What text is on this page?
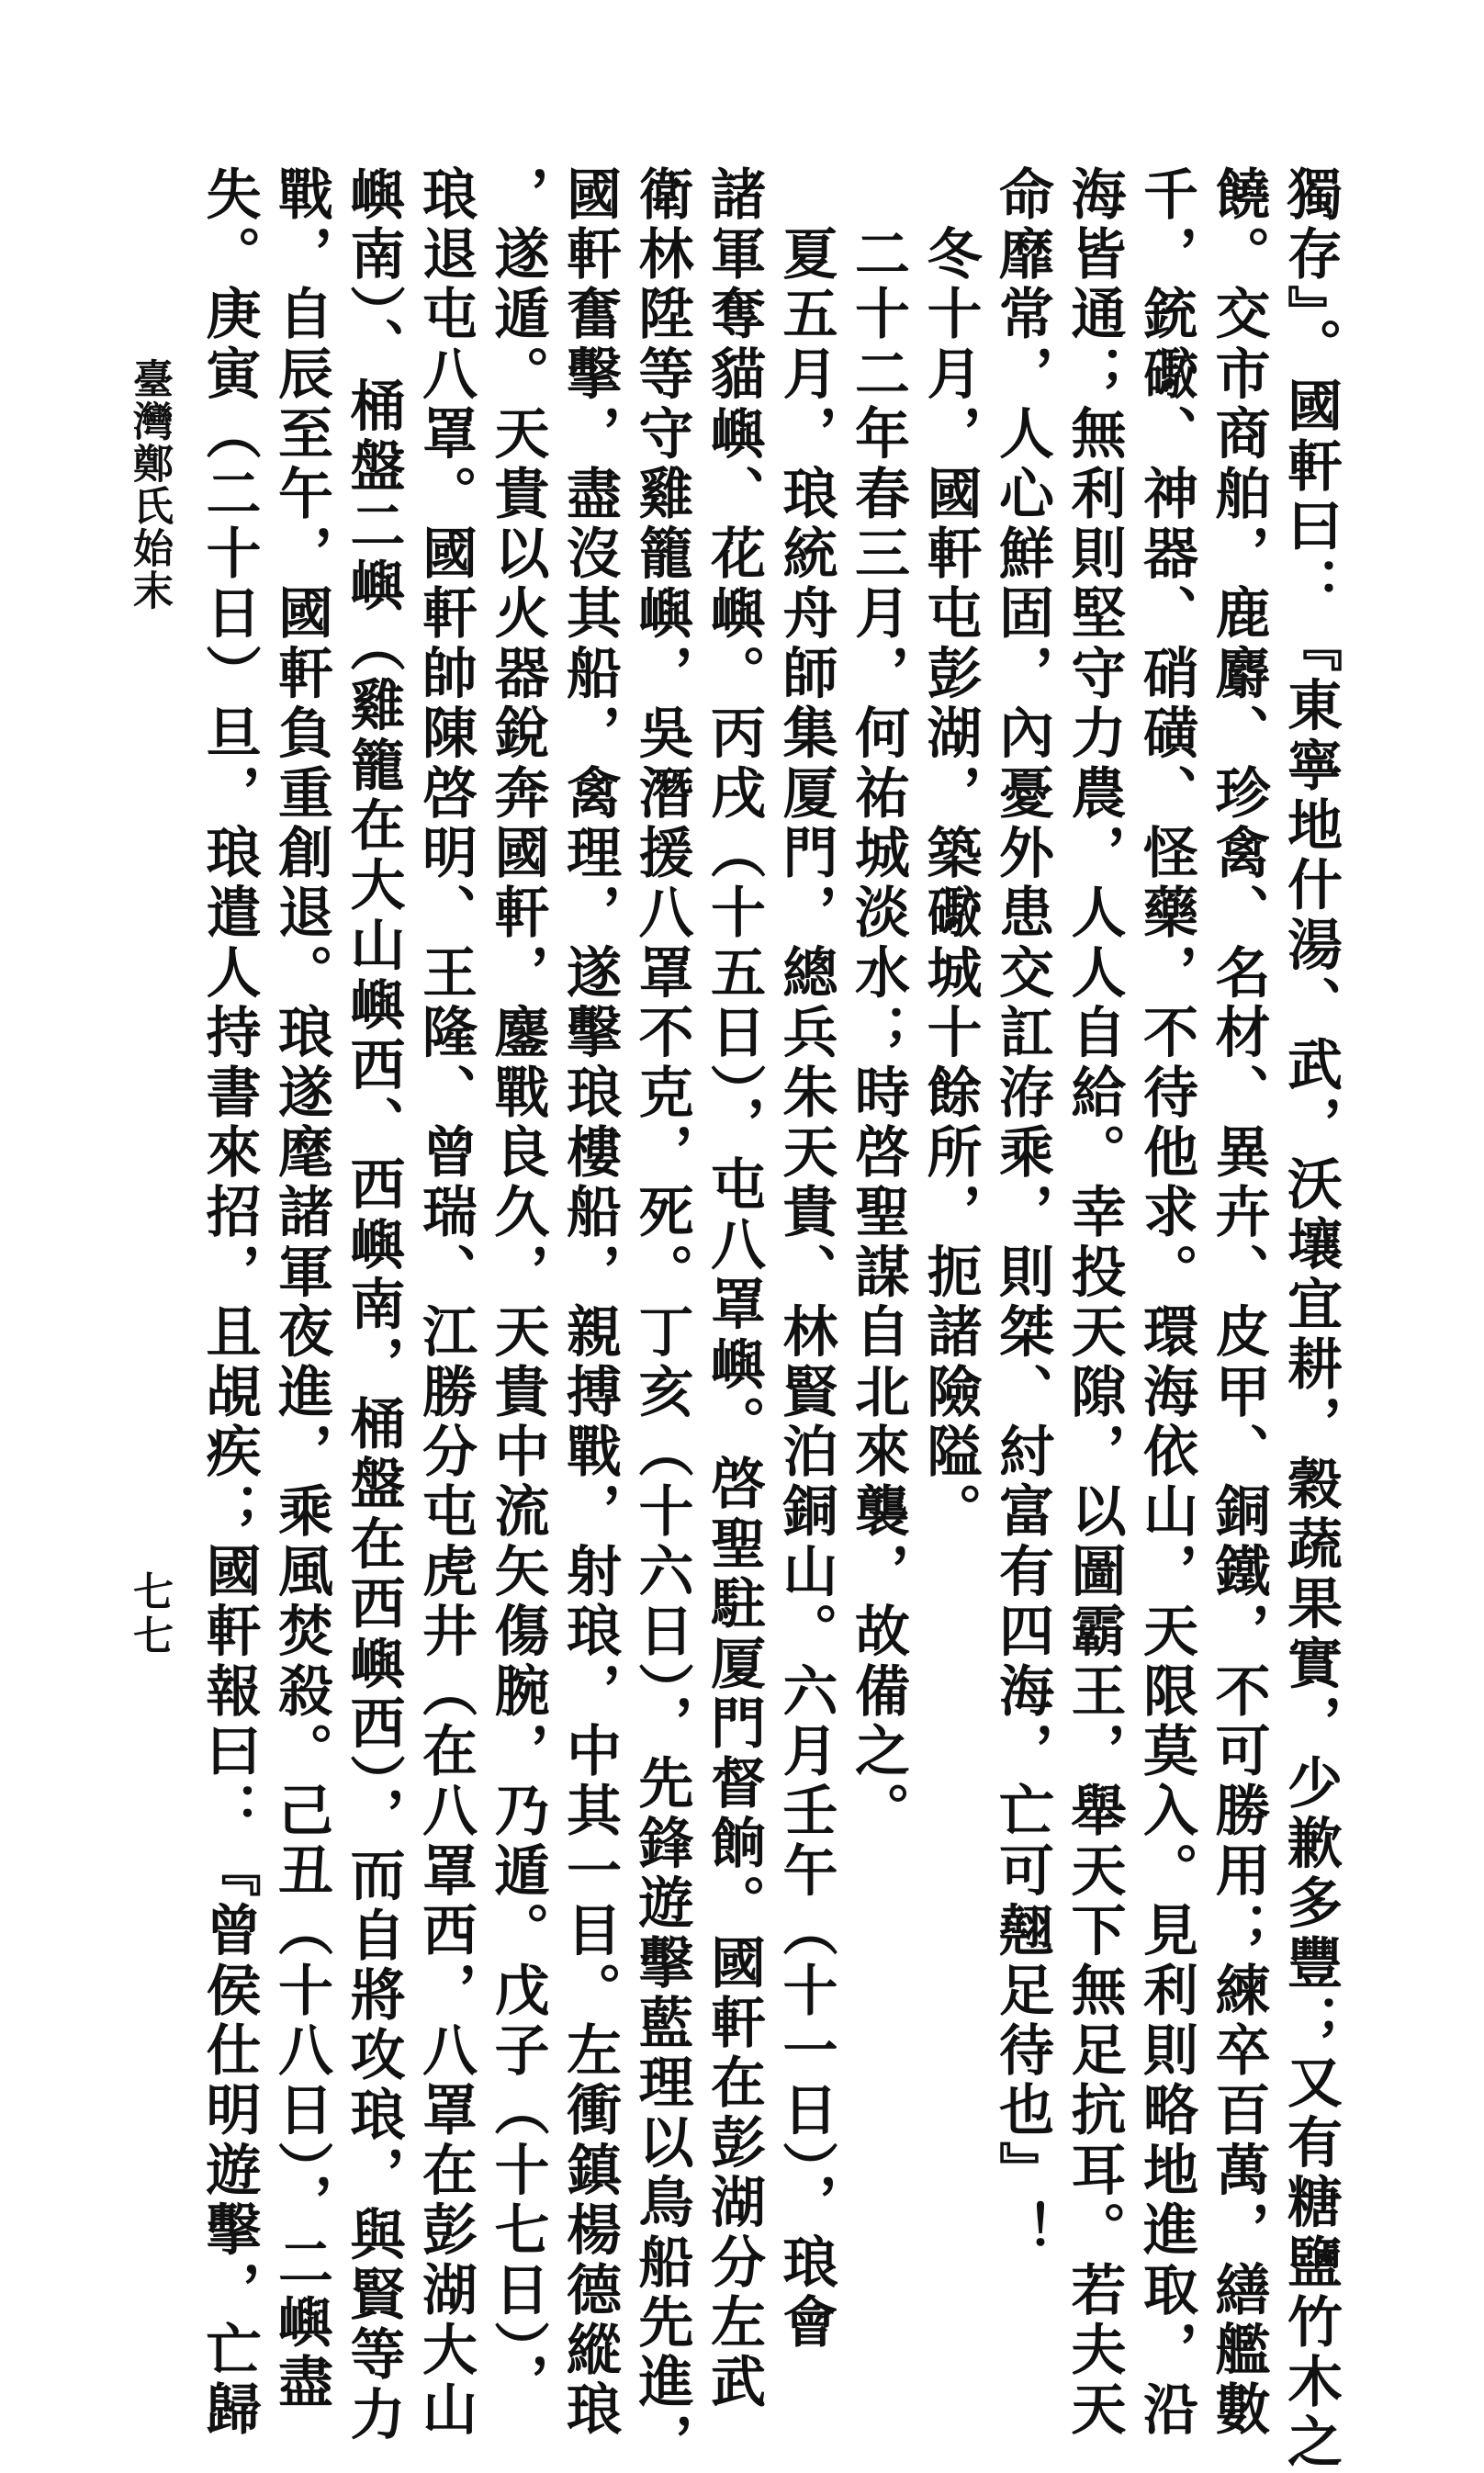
獨存』。國軒曰：『東寧地什湯、武，沃壤宜耕，穀蔬果實，少歉多豐；又有糖鹽竹木之
饒。交市商舶，鹿麝、珍禽、名材、異卉、皮甲、銅鐵，不可勝用；練卒百萬，繕艦數
千，銃礮、神器、硝磺、怪藥，不待他求。環海依山，天限莫入。見利則略地進取，沿
海皆通；無利則堅守力農，人人自給。幸投天隙，以圖霸王，舉天下無足抗耳。若夫天
命靡常，人心鮮固，內憂外患交訌洊乘，則桀、紂富有四海，亡可翹足待也』！
　冬十月，國軒屯彭湖，築礮城十餘所，扼諸險隘。
　二十二年春三月，何祐城淡水；時啓聖謀自北來襲，故備之。
　夏五月，琅統舟師集厦門，總兵朱天貴、林賢泊銅山。六月壬午（十一日），琅會
諸軍奪貓嶼、花嶼。丙戌（十五日），屯八罩嶼。啓聖駐厦門督餉。國軒在彭湖分左武
衛林陞等守雞籠嶼，吳潛援八罩不克，死。丁亥（十六日），先鋒遊擊藍理以鳥船先進，
國軒奮擊，盡沒其船，禽理，遂擊琅樓船，親搏戰，射琅，中其一目。左衝鎮楊德縱琅
，遂遁。天貴以火器銳奔國軒，鏖戰良久，天貴中流矢傷腕，乃遁。戊子（十七日），
琅退屯八罩。國軒帥陳啓明、王隆、曾瑞、江勝分屯虎井（在八罩西，八罩在彭湖大山
嶼南）、桶盤二嶼（雞籠在大山嶼西、西嶼南，桶盤在西嶼西），而自將攻琅，與賢等力
戰，自辰至午，國軒負重創退。琅遂麾諸軍夜進，乘風焚殺。己丑（十八日），二嶼盡
失。庚寅（二十日）旦，琅遣人持書來招，且覘疾；國軒報曰：『曾侯仕明遊擊，亡歸
臺灣鄭氏始末
七七
